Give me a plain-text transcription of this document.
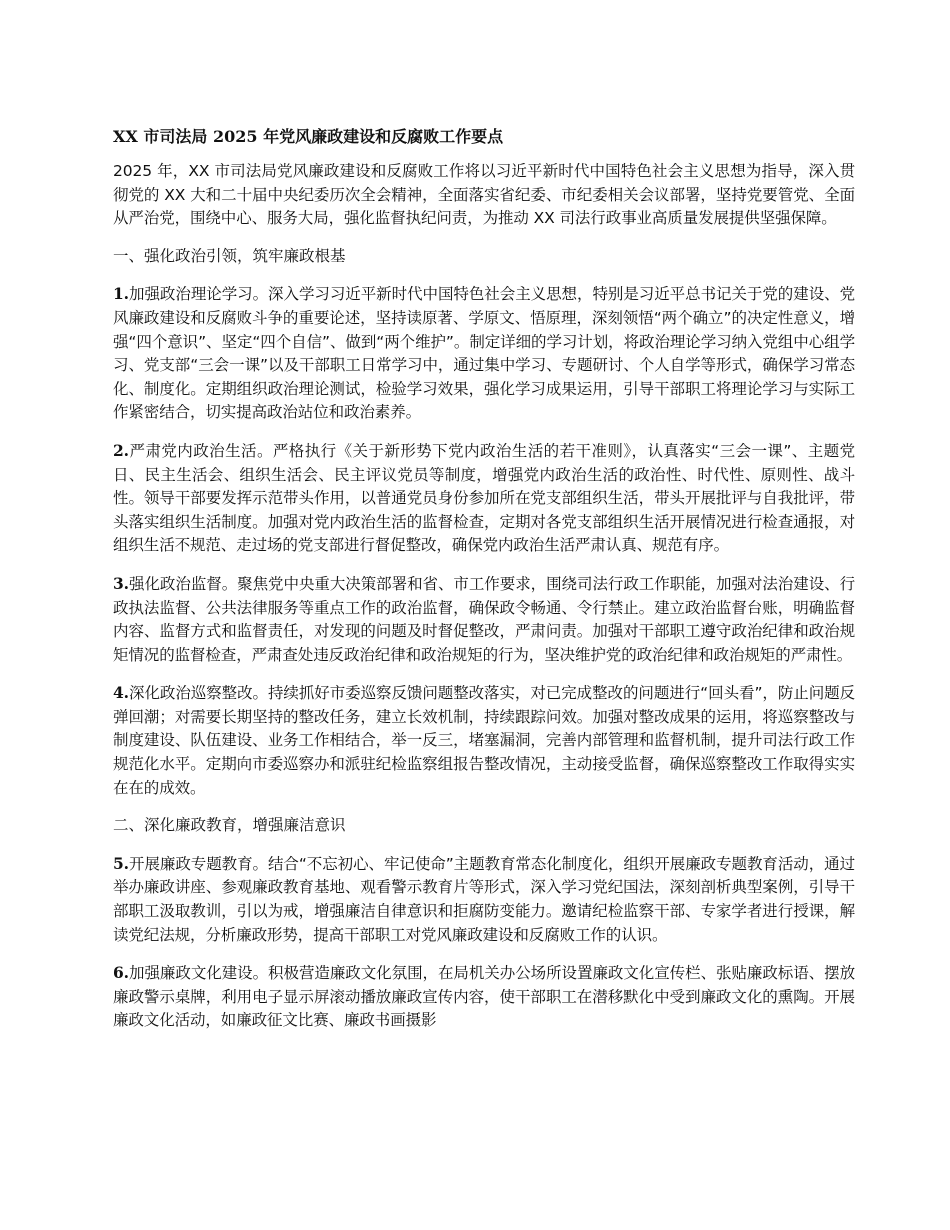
XX 市司法局 2025 年党风廉政建设和反腐败工作要点

2025 年，XX 市司法局党风廉政建设和反腐败工作将以习近平新时代中国特色社会主义思想为指导，深入贯彻党的 XX 大和二十届中央纪委历次全会精神，全面落实省纪委、市纪委相关会议部署，坚持党要管党、全面从严治党，围绕中心、服务大局，强化监督执纪问责，为推动 XX 司法行政事业高质量发展提供坚强保障。

一、强化政治引领，筑牢廉政根基

1.加强政治理论学习。深入学习习近平新时代中国特色社会主义思想，特别是习近平总书记关于党的建设、党风廉政建设和反腐败斗争的重要论述，坚持读原著、学原文、悟原理，深刻领悟“两个确立”的决定性意义，增强“四个意识”、坚定“四个自信”、做到“两个维护”。制定详细的学习计划，将政治理论学习纳入党组中心组学习、党支部“三会一课”以及干部职工日常学习中，通过集中学习、专题研讨、个人自学等形式，确保学习常态化、制度化。定期组织政治理论测试，检验学习效果，强化学习成果运用，引导干部职工将理论学习与实际工作紧密结合，切实提高政治站位和政治素养。

2.严肃党内政治生活。严格执行《关于新形势下党内政治生活的若干准则》，认真落实“三会一课”、主题党日、民主生活会、组织生活会、民主评议党员等制度，增强党内政治生活的政治性、时代性、原则性、战斗性。领导干部要发挥示范带头作用，以普通党员身份参加所在党支部组织生活，带头开展批评与自我批评，带头落实组织生活制度。加强对党内政治生活的监督检查，定期对各党支部组织生活开展情况进行检查通报，对组织生活不规范、走过场的党支部进行督促整改，确保党内政治生活严肃认真、规范有序。

3.强化政治监督。聚焦党中央重大决策部署和省、市工作要求，围绕司法行政工作职能，加强对法治建设、行政执法监督、公共法律服务等重点工作的政治监督，确保政令畅通、令行禁止。建立政治监督台账，明确监督内容、监督方式和监督责任，对发现的问题及时督促整改，严肃问责。加强对干部职工遵守政治纪律和政治规矩情况的监督检查，严肃查处违反政治纪律和政治规矩的行为，坚决维护党的政治纪律和政治规矩的严肃性。

4.深化政治巡察整改。持续抓好市委巡察反馈问题整改落实，对已完成整改的问题进行“回头看”，防止问题反弹回潮；对需要长期坚持的整改任务，建立长效机制，持续跟踪问效。加强对整改成果的运用，将巡察整改与制度建设、队伍建设、业务工作相结合，举一反三，堵塞漏洞，完善内部管理和监督机制，提升司法行政工作规范化水平。定期向市委巡察办和派驻纪检监察组报告整改情况，主动接受监督，确保巡察整改工作取得实实在在的成效。

二、深化廉政教育，增强廉洁意识

5.开展廉政专题教育。结合“不忘初心、牢记使命”主题教育常态化制度化，组织开展廉政专题教育活动，通过举办廉政讲座、参观廉政教育基地、观看警示教育片等形式，深入学习党纪国法，深刻剖析典型案例，引导干部职工汲取教训，引以为戒，增强廉洁自律意识和拒腐防变能力。邀请纪检监察干部、专家学者进行授课，解读党纪法规，分析廉政形势，提高干部职工对党风廉政建设和反腐败工作的认识。

6.加强廉政文化建设。积极营造廉政文化氛围，在局机关办公场所设置廉政文化宣传栏、张贴廉政标语、摆放廉政警示桌牌，利用电子显示屏滚动播放廉政宣传内容，使干部职工在潜移默化中受到廉政文化的熏陶。开展廉政文化活动，如廉政征文比赛、廉政书画摄影
